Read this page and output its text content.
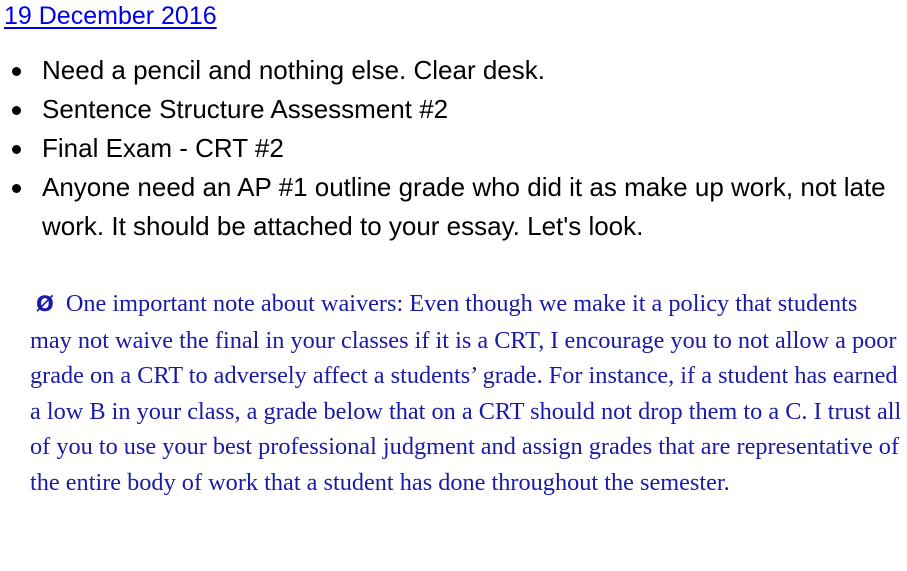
19 December 2016
Need a pencil and nothing else. Clear desk.
Sentence Structure Assessment #2
Final Exam - CRT #2
Anyone need an AP #1 outline grade who did it as make up work, not late work. It should be attached to your essay. Let's look.

Ø One important note about waivers: Even though we make it a policy that students may not waive the final in your classes if it is a CRT, I encourage you to not allow a poor grade on a CRT to adversely affect a students’ grade. For instance, if a student has earned a low B in your class, a grade below that on a CRT should not drop them to a C. I trust all of you to use your best professional judgment and assign grades that are representative of the entire body of work that a student has done throughout the semester.
